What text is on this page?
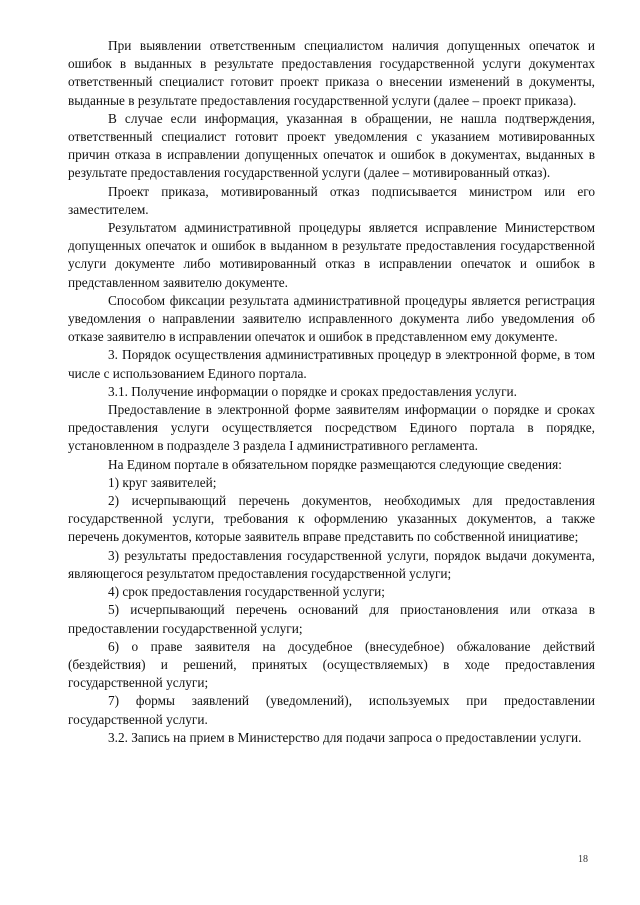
При выявлении ответственным специалистом наличия допущенных опечаток и ошибок в выданных в результате предоставления государственной услуги документах ответственный специалист готовит проект приказа о внесении изменений в документы, выданные в результате предоставления государственной услуги (далее – проект приказа).

В случае если информация, указанная в обращении, не нашла подтверждения, ответственный специалист готовит проект уведомления с указанием мотивированных причин отказа в исправлении допущенных опечаток и ошибок в документах, выданных в результате предоставления государственной услуги (далее – мотивированный отказ).

Проект приказа, мотивированный отказ подписывается министром или его заместителем.

Результатом административной процедуры является исправление Министерством допущенных опечаток и ошибок в выданном в результате предоставления государственной услуги документе либо мотивированный отказ в исправлении опечаток и ошибок в представленном заявителю документе.

Способом фиксации результата административной процедуры является регистрация уведомления о направлении заявителю исправленного документа либо уведомления об отказе заявителю в исправлении опечаток и ошибок в представленном ему документе.

3. Порядок осуществления административных процедур в электронной форме, в том числе с использованием Единого портала.

3.1. Получение информации о порядке и сроках предоставления услуги.

Предоставление в электронной форме заявителям информации о порядке и сроках предоставления услуги осуществляется посредством Единого портала в порядке, установленном в подразделе 3 раздела I административного регламента.

На Едином портале в обязательном порядке размещаются следующие сведения:

1) круг заявителей;

2) исчерпывающий перечень документов, необходимых для предоставления государственной услуги, требования к оформлению указанных документов, а также перечень документов, которые заявитель вправе представить по собственной инициативе;

3) результаты предоставления государственной услуги, порядок выдачи документа, являющегося результатом предоставления государственной услуги;

4) срок предоставления государственной услуги;

5) исчерпывающий перечень оснований для приостановления или отказа в предоставлении государственной услуги;

6) о праве заявителя на досудебное (внесудебное) обжалование действий (бездействия) и решений, принятых (осуществляемых) в ходе предоставления государственной услуги;

7) формы заявлений (уведомлений), используемых при предоставлении государственной услуги.

3.2. Запись на прием в Министерство для подачи запроса о предоставлении услуги.

18
